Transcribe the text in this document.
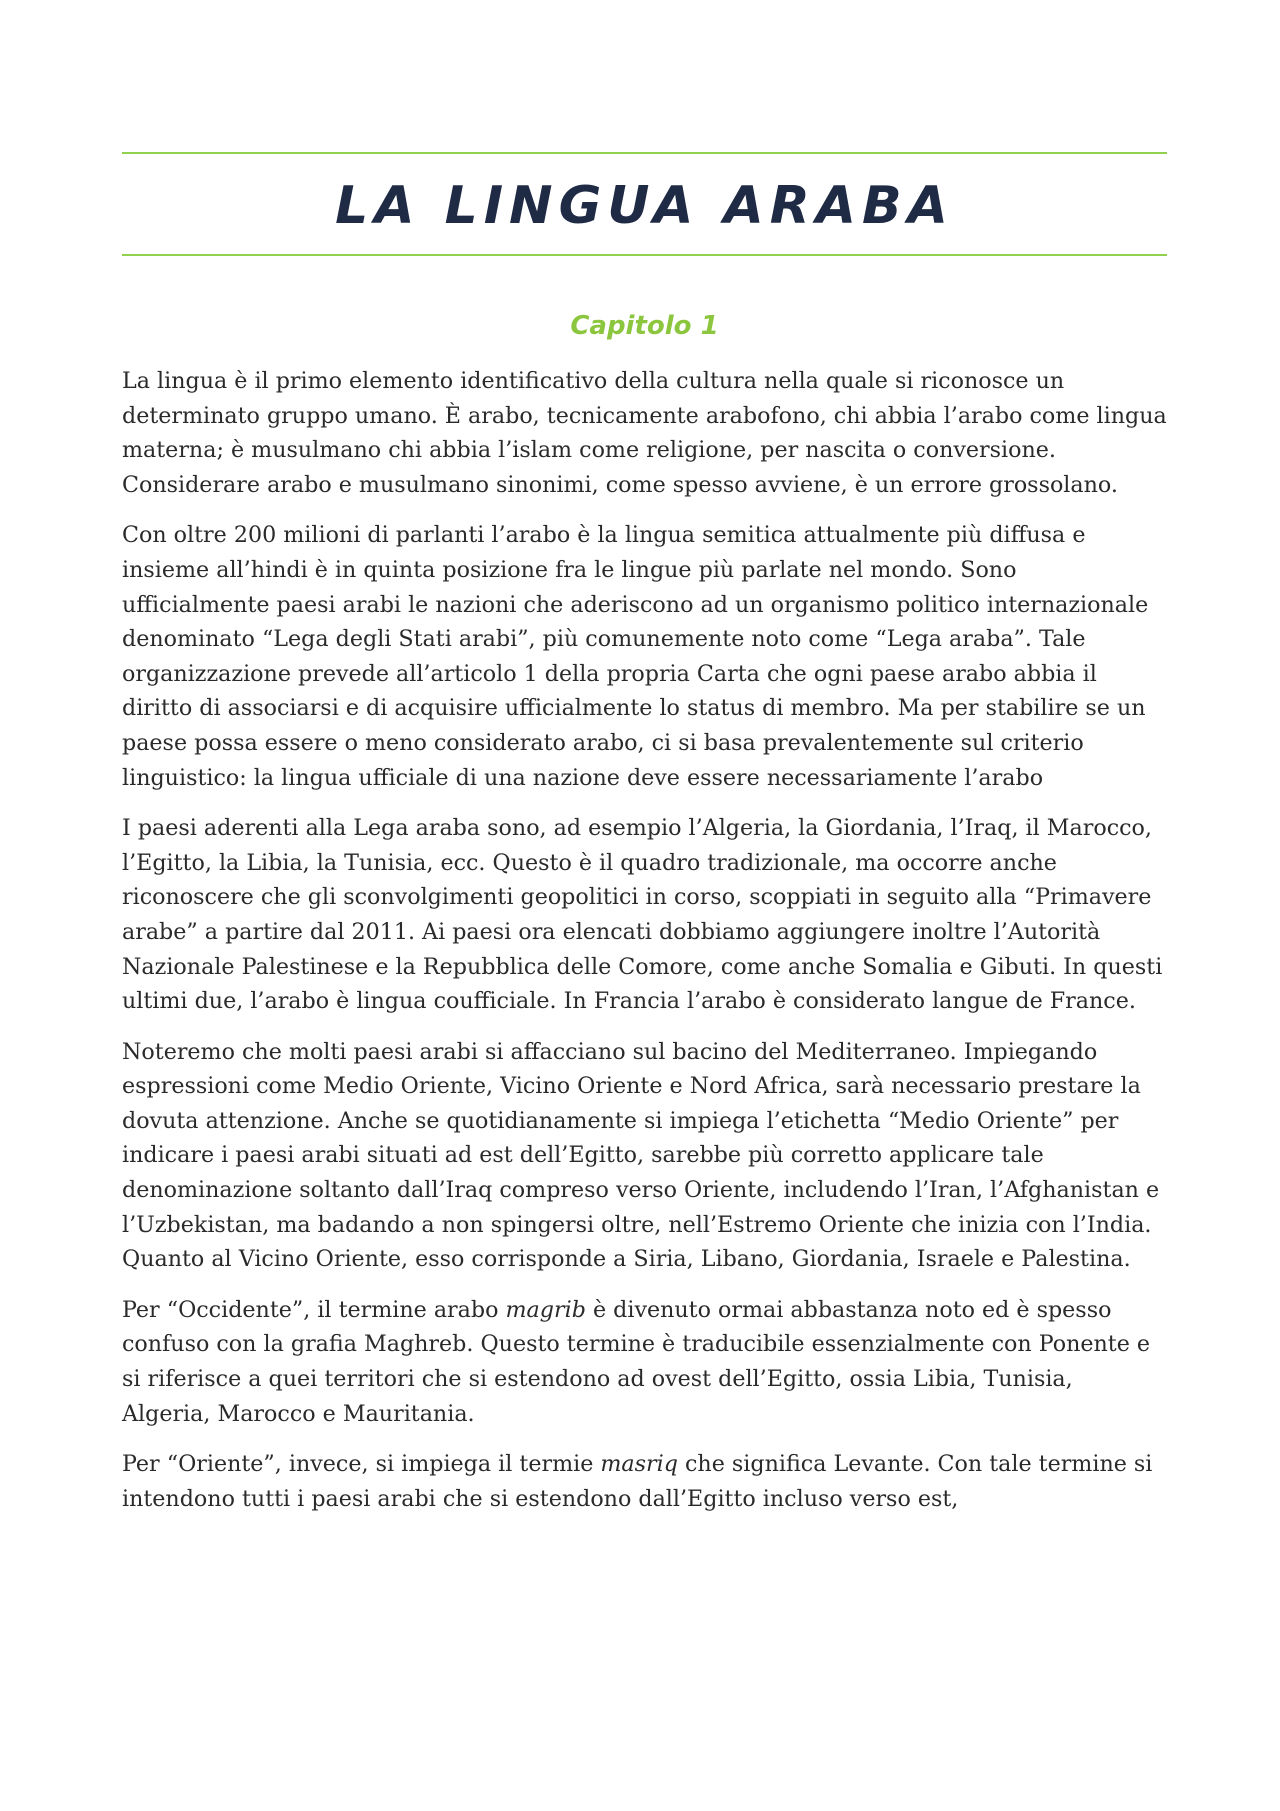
LA LINGUA ARABA
Capitolo 1

La lingua è il primo elemento identificativo della cultura nella quale si riconosce un determinato gruppo umano. È arabo, tecnicamente arabofono, chi abbia l’arabo come lingua materna; è musulmano chi abbia l’islam come religione, per nascita o conversione. Considerare arabo e musulmano sinonimi, come spesso avviene, è un errore grossolano.

Con oltre 200 milioni di parlanti l’arabo è la lingua semitica attualmente più diffusa e insieme all’hindi è in quinta posizione fra le lingue più parlate nel mondo. Sono ufficialmente paesi arabi le nazioni che aderiscono ad un organismo politico internazionale denominato “Lega degli Stati arabi”, più comunemente noto come “Lega araba”. Tale organizzazione prevede all’articolo 1 della propria Carta che ogni paese arabo abbia il diritto di associarsi e di acquisire ufficialmente lo status di membro. Ma per stabilire se un paese possa essere o meno considerato arabo, ci si basa prevalentemente sul criterio linguistico: la lingua ufficiale di una nazione deve essere necessariamente l’arabo

I paesi aderenti alla Lega araba sono, ad esempio l’Algeria, la Giordania, l’Iraq, il Marocco, l’Egitto, la Libia, la Tunisia, ecc. Questo è il quadro tradizionale, ma occorre anche riconoscere che gli sconvolgimenti geopolitici in corso, scoppiati in seguito alla “Primavere arabe” a partire dal 2011. Ai paesi ora elencati dobbiamo aggiungere inoltre l’Autorità Nazionale Palestinese e la Repubblica delle Comore, come anche Somalia e Gibuti. In questi ultimi due, l’arabo è lingua coufficiale. In Francia l’arabo è considerato langue de France.

Noteremo che molti paesi arabi si affacciano sul bacino del Mediterraneo. Impiegando espressioni come Medio Oriente, Vicino Oriente e Nord Africa, sarà necessario prestare la dovuta attenzione. Anche se quotidianamente si impiega l’etichetta “Medio Oriente” per indicare i paesi arabi situati ad est dell’Egitto, sarebbe più corretto applicare tale denominazione soltanto dall’Iraq compreso verso Oriente, includendo l’Iran, l’Afghanistan e l’Uzbekistan, ma badando a non spingersi oltre, nell’Estremo Oriente che inizia con l’India. Quanto al Vicino Oriente, esso corrisponde a Siria, Libano, Giordania, Israele e Palestina.

Per “Occidente”, il termine arabo magrib è divenuto ormai abbastanza noto ed è spesso confuso con la grafia Maghreb. Questo termine è traducibile essenzialmente con Ponente e si riferisce a quei territori che si estendono ad ovest dell’Egitto, ossia Libia, Tunisia, Algeria, Marocco e Mauritania.

Per “Oriente”, invece, si impiega il termie masriq che significa Levante. Con tale termine si intendono tutti i paesi arabi che si estendono dall’Egitto incluso verso est,
